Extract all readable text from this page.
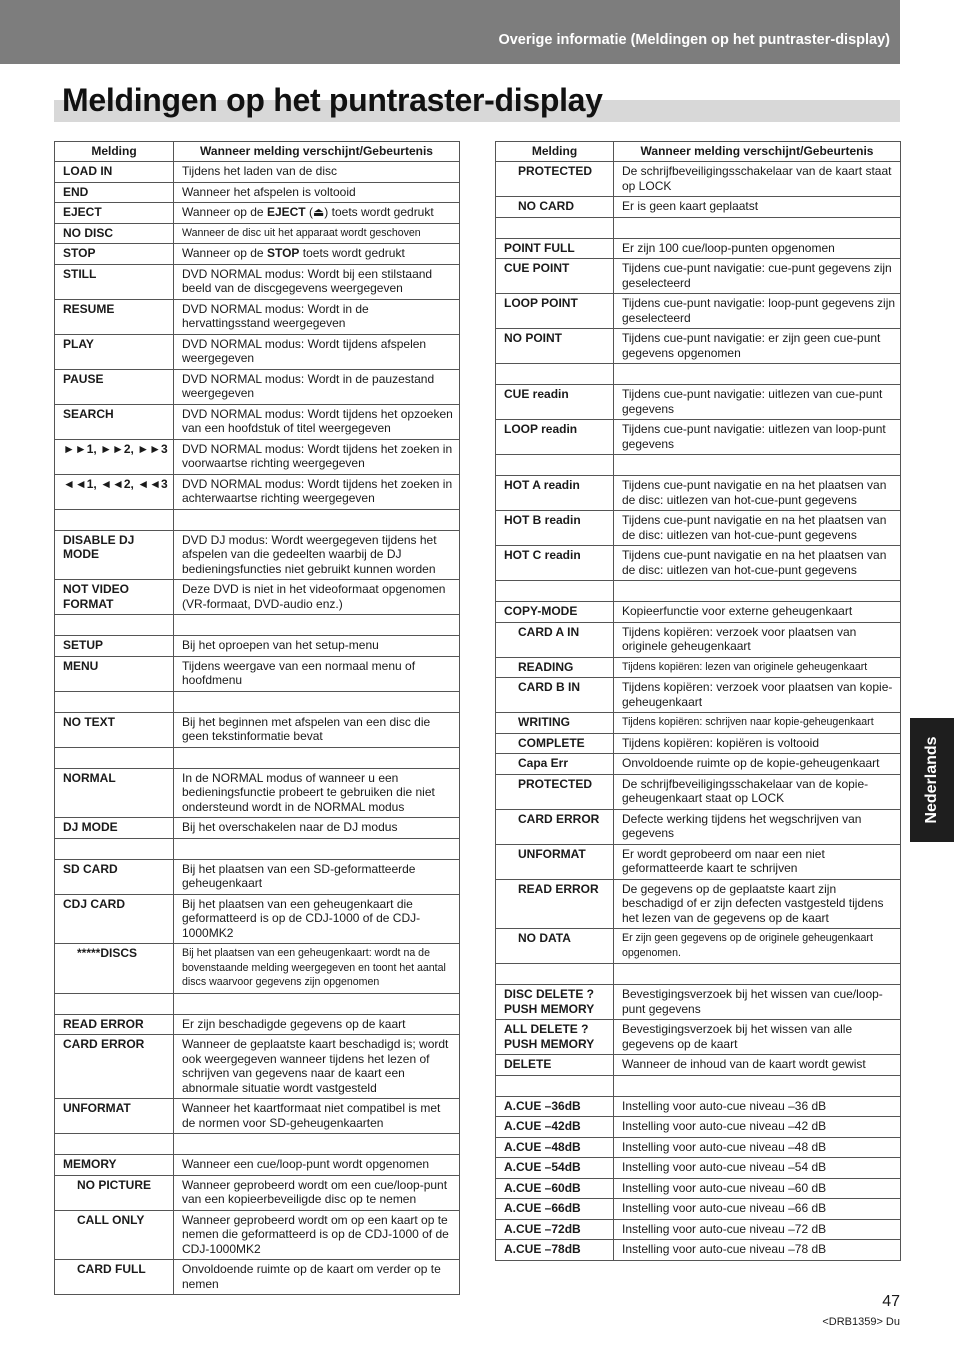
Overige informatie (Meldingen op het puntraster-display)
Meldingen op het puntraster-display
Melding	Wanneer melding verschijnt/Gebeurtenis
LOAD IN	Tijdens het laden van de disc
END	Wanneer het afspelen is voltooid
EJECT	Wanneer op de EJECT (⏏) toets wordt gedrukt
NO DISC	Wanneer de disc uit het apparaat wordt geschoven
STOP	Wanneer op de STOP toets wordt gedrukt
STILL	DVD NORMAL modus: Wordt bij een stilstaand beeld van de discgegevens weergegeven
RESUME	DVD NORMAL modus: Wordt in de hervattingsstand weergegeven
PLAY	DVD NORMAL modus: Wordt tijdens afspelen weergegeven
PAUSE	DVD NORMAL modus: Wordt in de pauzestand weergegeven
SEARCH	DVD NORMAL modus: Wordt tijdens het opzoeken van een hoofdstuk of titel weergegeven
►►1, ►►2, ►►3	DVD NORMAL modus: Wordt tijdens het zoeken in voorwaartse richting weergegeven
◄◄1, ◄◄2, ◄◄3	DVD NORMAL modus: Wordt tijdens het zoeken in achterwaartse richting weergegeven

DISABLE DJ MODE	DVD DJ modus: Wordt weergegeven tijdens het afspelen van die gedeelten waarbij de DJ bedieningsfuncties niet gebruikt kunnen worden
NOT VIDEO FORMAT	Deze DVD is niet in het videoformaat opgenomen (VR-formaat, DVD-audio enz.)

SETUP	Bij het oproepen van het setup-menu
MENU	Tijdens weergave van een normaal menu of hoofdmenu

NO TEXT	Bij het beginnen met afspelen van een disc die geen tekstinformatie bevat

NORMAL	In de NORMAL modus of wanneer u een bedieningsfunctie probeert te gebruiken die niet ondersteund wordt in de NORMAL modus
DJ MODE	Bij het overschakelen naar de DJ modus

SD CARD	Bij het plaatsen van een SD-geformatteerde geheugenkaart
CDJ CARD	Bij het plaatsen van een geheugenkaart die geformatteerd is op de CDJ-1000 of de CDJ-1000MK2
*****DISCS	Bij het plaatsen van een geheugenkaart: wordt na de bovenstaande melding weergegeven en toont het aantal discs waarvoor gegevens zijn opgenomen

READ ERROR	Er zijn beschadigde gegevens op de kaart
CARD ERROR	Wanneer de geplaatste kaart beschadigd is; wordt ook weergegeven wanneer tijdens het lezen of schrijven van gegevens naar de kaart een abnormale situatie wordt vastgesteld
UNFORMAT	Wanneer het kaartformaat niet compatibel is met de normen voor SD-geheugenkaarten

MEMORY	Wanneer een cue/loop-punt wordt opgenomen
NO PICTURE	Wanneer geprobeerd wordt om een cue/loop-punt van een kopieerbeveiligde disc op te nemen
CALL ONLY	Wanneer geprobeerd wordt om op een kaart op te nemen die geformatteerd is op de CDJ-1000 of de CDJ-1000MK2
CARD FULL	Onvoldoende ruimte op de kaart om verder op te nemen
Melding	Wanneer melding verschijnt/Gebeurtenis
PROTECTED	De schrijfbeveiligingsschakelaar van de kaart staat op LOCK
NO CARD	Er is geen kaart geplaatst

POINT FULL	Er zijn 100 cue/loop-punten opgenomen
CUE POINT	Tijdens cue-punt navigatie: cue-punt gegevens zijn geselecteerd
LOOP POINT	Tijdens cue-punt navigatie: loop-punt gegevens zijn geselecteerd
NO POINT	Tijdens cue-punt navigatie: er zijn geen cue-punt gegevens opgenomen

CUE readin	Tijdens cue-punt navigatie: uitlezen van cue-punt gegevens
LOOP readin	Tijdens cue-punt navigatie: uitlezen van loop-punt gegevens

HOT A readin	Tijdens cue-punt navigatie en na het plaatsen van de disc: uitlezen van hot-cue-punt gegevens
HOT B readin	Tijdens cue-punt navigatie en na het plaatsen van de disc: uitlezen van hot-cue-punt gegevens
HOT C readin	Tijdens cue-punt navigatie en na het plaatsen van de disc: uitlezen van hot-cue-punt gegevens

COPY-MODE	Kopieerfunctie voor externe geheugenkaart
CARD A IN	Tijdens kopiëren: verzoek voor plaatsen van originele geheugenkaart
READING	Tijdens kopiëren: lezen van originele geheugenkaart
CARD B IN	Tijdens kopiëren: verzoek voor plaatsen van kopie-geheugenkaart
WRITING	Tijdens kopiëren: schrijven naar kopie-geheugenkaart
COMPLETE	Tijdens kopiëren: kopiëren is voltooid
Capa Err	Onvoldoende ruimte op de kopie-geheugenkaart
PROTECTED	De schrijfbeveiligingsschakelaar van de kopie-geheugenkaart staat op LOCK
CARD ERROR	Defecte werking tijdens het wegschrijven van gegevens
UNFORMAT	Er wordt geprobeerd om naar een niet geformatteerde kaart te schrijven
READ ERROR	De gegevens op de geplaatste kaart zijn beschadigd of er zijn defecten vastgesteld tijdens het lezen van de gegevens op de kaart
NO DATA	Er zijn geen gegevens op de originele geheugenkaart opgenomen.

DISC DELETE ? PUSH MEMORY	Bevestigingsverzoek bij het wissen van cue/loop-punt gegevens
ALL DELETE ? PUSH MEMORY	Bevestigingsverzoek bij het wissen van alle gegevens op de kaart
DELETE	Wanneer de inhoud van de kaart wordt gewist

A.CUE –36dB	Instelling voor auto-cue niveau –36 dB
A.CUE –42dB	Instelling voor auto-cue niveau –42 dB
A.CUE –48dB	Instelling voor auto-cue niveau –48 dB
A.CUE –54dB	Instelling voor auto-cue niveau –54 dB
A.CUE –60dB	Instelling voor auto-cue niveau –60 dB
A.CUE –66dB	Instelling voor auto-cue niveau –66 dB
A.CUE –72dB	Instelling voor auto-cue niveau –72 dB
A.CUE –78dB	Instelling voor auto-cue niveau –78 dB
Nederlands
47
<DRB1359> Du
